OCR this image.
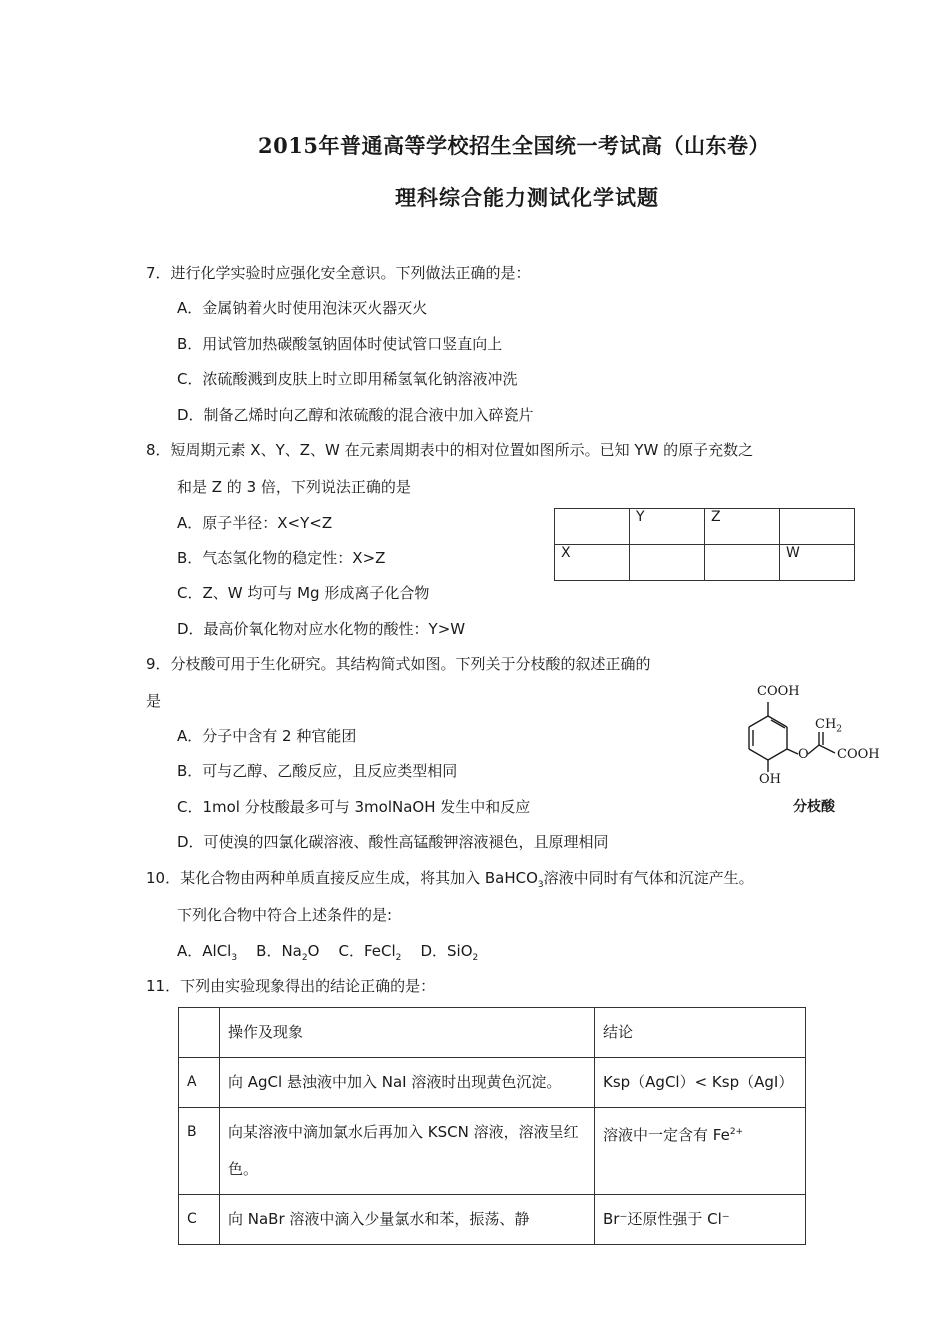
2015年普通高等学校招生全国统一考试高（山东卷）
理科综合能力测试化学试题
7．进行化学实验时应强化安全意识。下列做法正确的是：
A．金属钠着火时使用泡沫灭火器灭火
B．用试管加热碳酸氢钠固体时使试管口竖直向上
C．浓硫酸溅到皮肤上时立即用稀氢氧化钠溶液冲洗
D．制备乙烯时向乙醇和浓硫酸的混合液中加入碎瓷片
8．短周期元素 X、Y、Z、W 在元素周期表中的相对位置如图所示。已知 YW 的原子充数之
和是 Z 的 3 倍，下列说法正确的是
A．原子半径：X<Y<Z
B．气态氢化物的稳定性：X>Z
C．Z、W 均可与 Mg 形成离子化合物
D．最高价氧化物对应水化物的酸性：Y>W
	Y	Z	
X			W
9．分枝酸可用于生化研究。其结构简式如图。下列关于分枝酸的叙述正确的
是
A．分子中含有 2 种官能团
B．可与乙醇、乙酸反应，且反应类型相同
C．1mol 分枝酸最多可与 3molNaOH 发生中和反应
D．可使溴的四氯化碳溶液、酸性高锰酸钾溶液褪色，且原理相同
COOH
$CH_2$
O COOH
OH
分枝酸
10．某化合物由两种单质直接反应生成，将其加入 BaHCO$_3$溶液中同时有气体和沉淀产生。
下列化合物中符合上述条件的是:
A．AlCl$_3$ B．$Na_2O$ C．FeCl$_2$ D．SiO$_2$
11．下列由实验现象得出的结论正确的是：
	操作及现象	结论
A	向 AgCl 悬浊液中加入 NaI 溶液时出现黄色沉淀。	Ksp（AgCl）< Ksp（AgI）
B	向某溶液中滴加氯水后再加入 KSCN 溶液，溶液呈红色。	溶液中一定含有 $Fe^{2+}$
C	向 NaBr 溶液中滴入少量氯水和苯，振荡、静	Br⁻还原性强于 Cl⁻
